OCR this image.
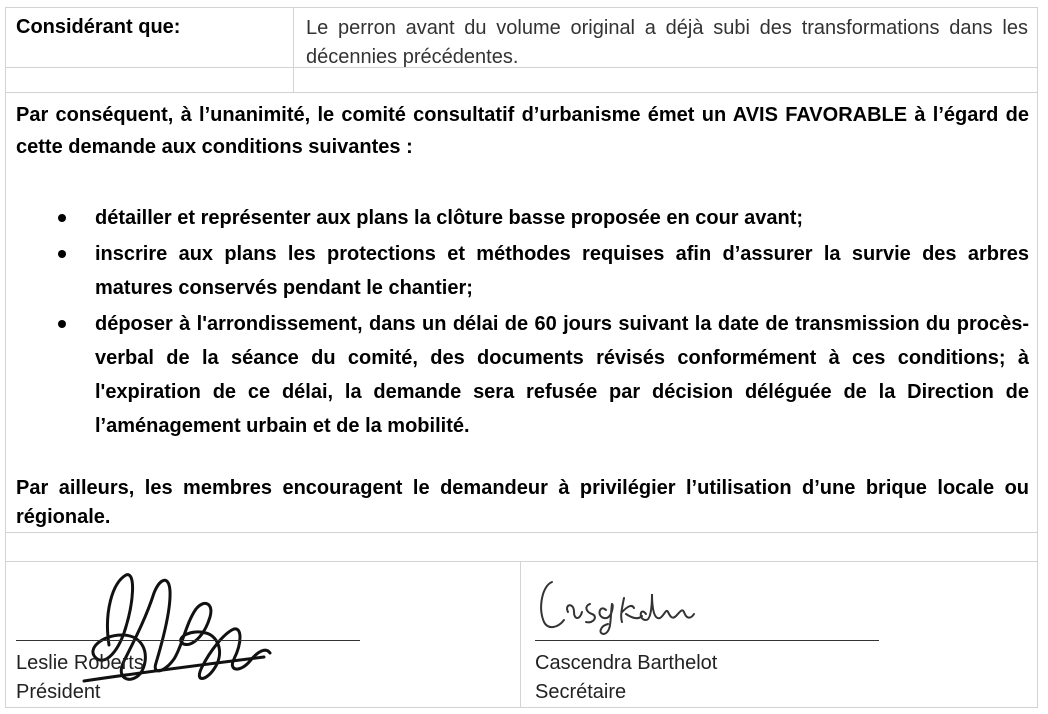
Considérant que:	Le perron avant du volume original a déjà subi des transformations dans les décennies précédentes.
Par conséquent, à l’unanimité, le comité consultatif d’urbanisme émet un AVIS FAVORABLE à l’égard de cette demande aux conditions suivantes :
détailler et représenter aux plans la clôture basse proposée en cour avant;
inscrire aux plans les protections et méthodes requises afin d’assurer la survie des arbres matures conservés pendant le chantier;
déposer à l'arrondissement, dans un délai de 60 jours suivant la date de transmission du procès-verbal de la séance du comité, des documents révisés conformément à ces conditions; à l'expiration de ce délai, la demande sera refusée par décision déléguée de la Direction de l’aménagement urbain et de la mobilité.
Par ailleurs, les membres encouragent le demandeur à privilégier l’utilisation d’une brique locale ou régionale.
Leslie Roberts
Président
Cascendra Barthelot
Secrétaire
